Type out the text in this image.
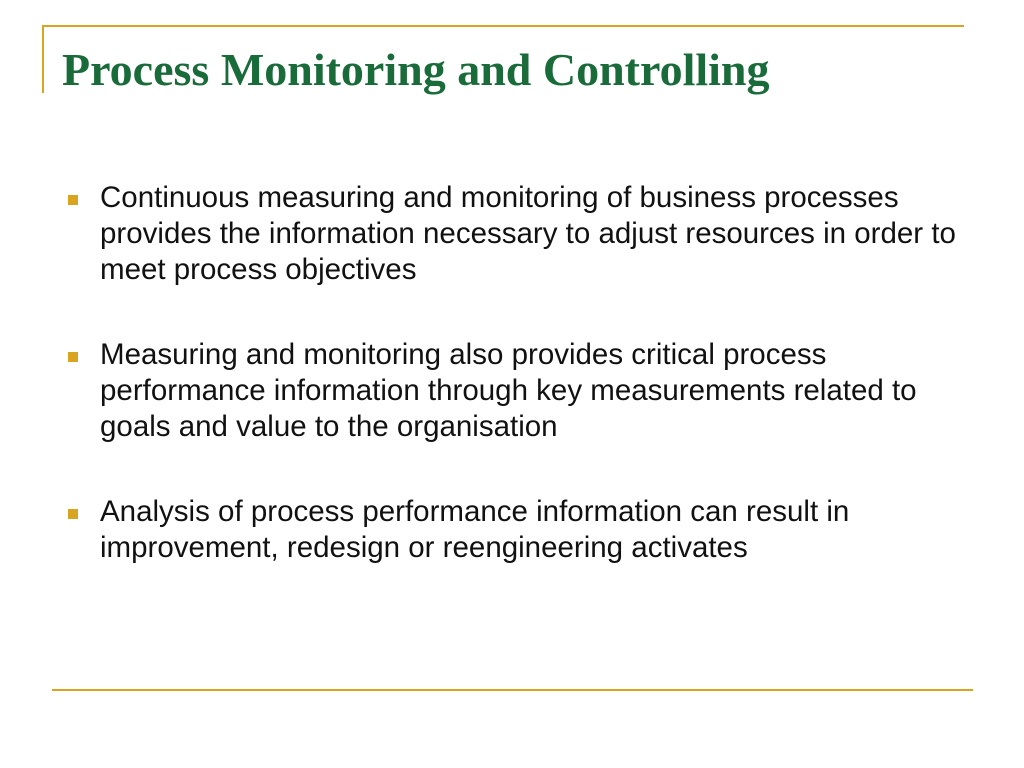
Process Monitoring and Controlling
Continuous measuring and monitoring of business processes provides the information necessary to adjust resources in order to meet process objectives
Measuring and monitoring also provides critical process performance information through key measurements related to goals and value to the organisation
Analysis of process performance information can result in improvement, redesign or reengineering activates
